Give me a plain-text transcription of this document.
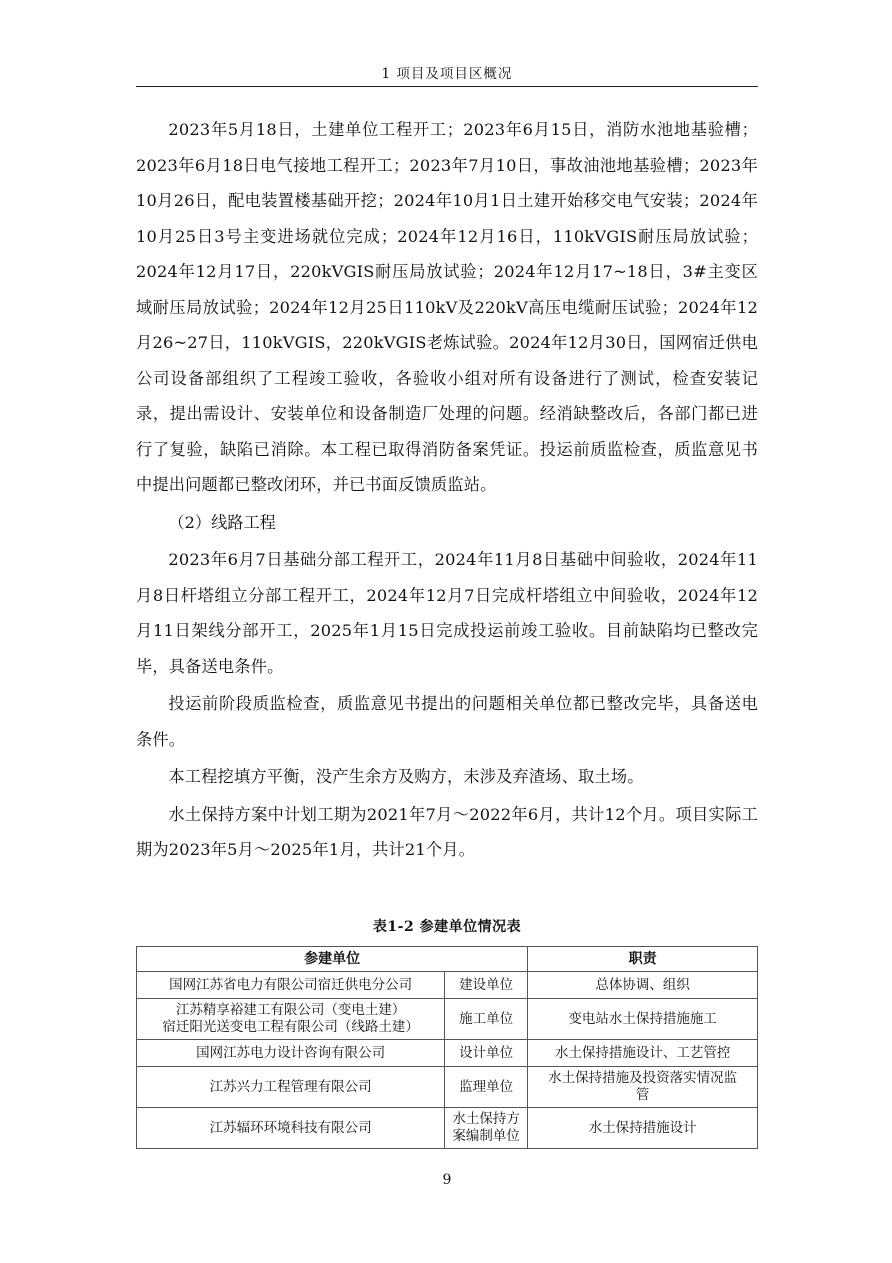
1 项目及项目区概况

2023年5月18日，土建单位工程开工；2023年6月15日，消防水池地基验槽；2023年6月18日电气接地工程开工；2023年7月10日，事故油池地基验槽；2023年10月26日，配电装置楼基础开挖；2024年10月1日土建开始移交电气安装；2024年10月25日3号主变进场就位完成；2024年12月16日，110kVGIS耐压局放试验；2024年12月17日，220kVGIS耐压局放试验；2024年12月17~18日，3#主变区域耐压局放试验；2024年12月25日110kV及220kV高压电缆耐压试验；2024年12月26~27日，110kVGIS，220kVGIS老炼试验。2024年12月30日，国网宿迁供电公司设备部组织了工程竣工验收，各验收小组对所有设备进行了测试，检查安装记录，提出需设计、安装单位和设备制造厂处理的问题。经消缺整改后，各部门都已进行了复验，缺陷已消除。本工程已取得消防备案凭证。投运前质监检查，质监意见书中提出问题都已整改闭环，并已书面反馈质监站。

（2）线路工程

2023年6月7日基础分部工程开工，2024年11月8日基础中间验收，2024年11月8日杆塔组立分部工程开工，2024年12月7日完成杆塔组立中间验收，2024年12月11日架线分部开工，2025年1月15日完成投运前竣工验收。目前缺陷均已整改完毕，具备送电条件。

投运前阶段质监检查，质监意见书提出的问题相关单位都已整改完毕，具备送电条件。

本工程挖填方平衡，没产生余方及购方，未涉及弃渣场、取土场。

水土保持方案中计划工期为2021年7月～2022年6月，共计12个月。项目实际工期为2023年5月～2025年1月，共计21个月。

表1-2 参建单位情况表
参建单位		职责

国网江苏省电力有限公司宿迁供电分公司	建设单位	总体协调、组织

江苏精享裕建工有限公司（变电土建）
宿迁阳光送变电工程有限公司（线路土建）	施工单位	变电站水土保持措施施工

国网江苏电力设计咨询有限公司	设计单位	水土保持措施设计、工艺管控

江苏兴力工程管理有限公司	监理单位	水土保持措施及投资落实情况监
管

江苏辐环环境科技有限公司	水土保持方
案编制单位	水土保持措施设计
9
